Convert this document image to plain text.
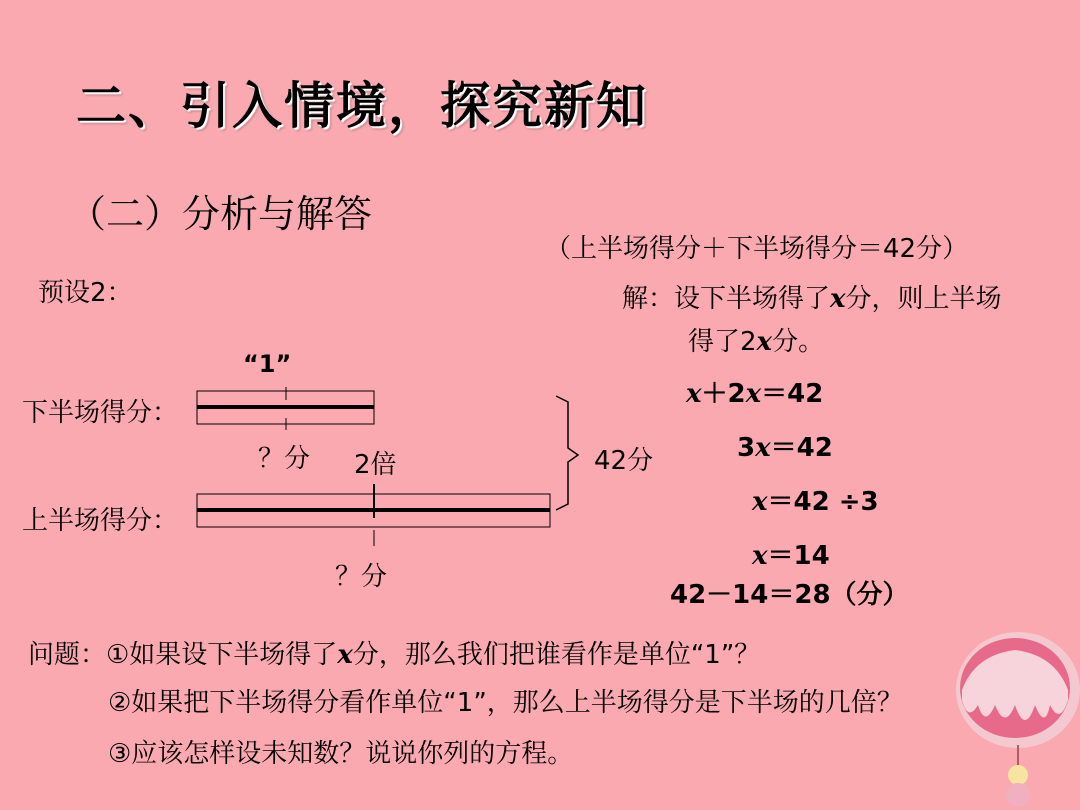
二、引入情境，探究新知
（二）分析与解答
（上半场得分＋下半场得分＝42分）
预设2：
“1”
下半场得分：
？分 2倍	42分
上半场得分：
？分
解：设下半场得了x分，则上半场
得了2x分。
x＋2x＝42
3x＝42
x＝42 ÷3
x＝14
42－14＝28（分）
问题：①如果设下半场得了x分，那么我们把谁看作是单位“1”？
②如果把下半场得分看作单位“1”，那么上半场得分是下半场的几倍？
③应该怎样设未知数？说说你列的方程。
